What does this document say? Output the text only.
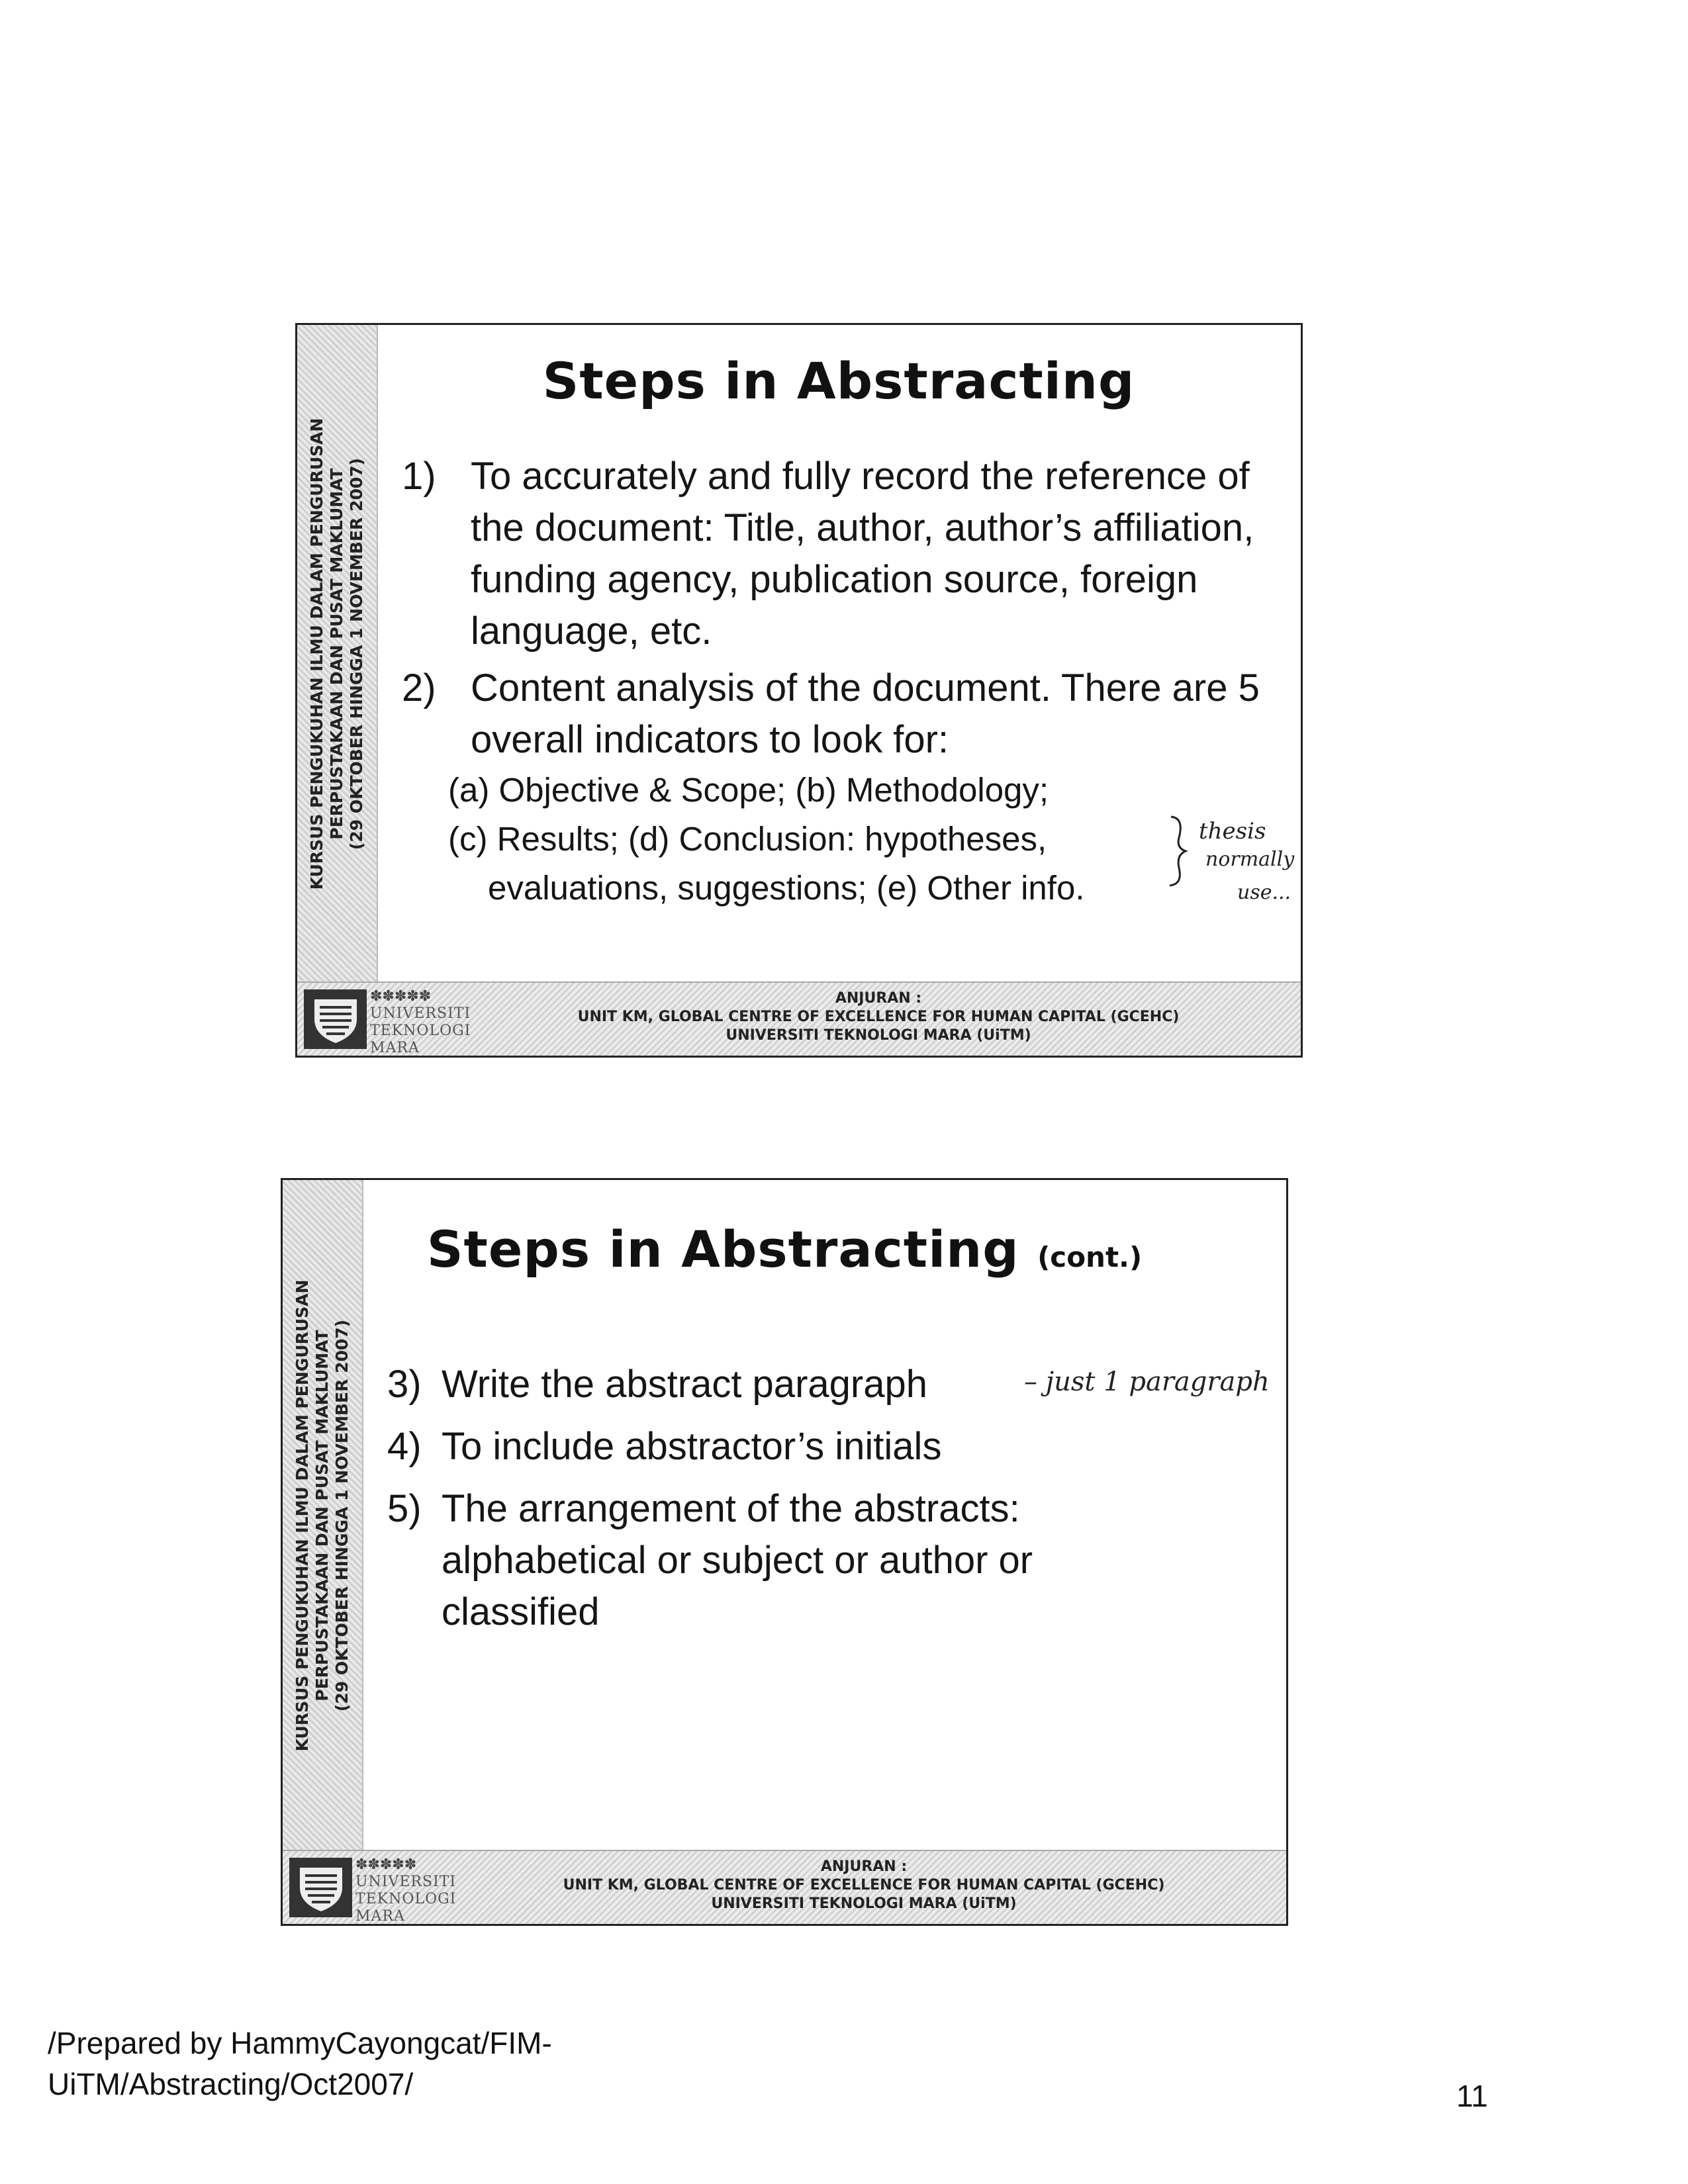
KURSUS PENGUKUHAN ILMU DALAM PENGURUSAN PERPUSTAKAAN DAN PUSAT MAKLUMAT (29 OKTOBER HINGGA 1 NOVEMBER 2007)
Steps in Abstracting
1) To accurately and fully record the reference of the document: Title, author, author’s affiliation, funding agency, publication source, foreign language, etc.
2) Content analysis of the document. There are 5 overall indicators to look for:
(a) Objective & Scope; (b) Methodology;
(c) Results; (d) Conclusion: hypotheses,
evaluations, suggestions; (e) Other info.
thesis
normally
use...
✽✽✽✽✽
UNIVERSITI
TEKNOLOGI
MARA
ANJURAN :
UNIT KM, GLOBAL CENTRE OF EXCELLENCE FOR HUMAN CAPITAL (GCEHC)
UNIVERSITI TEKNOLOGI MARA (UiTM)
KURSUS PENGUKUHAN ILMU DALAM PENGURUSAN PERPUSTAKAAN DAN PUSAT MAKLUMAT (29 OKTOBER HINGGA 1 NOVEMBER 2007)
Steps in Abstracting (cont.)
3) Write the abstract paragraph
4) To include abstractor’s initials
5) The arrangement of the abstracts: alphabetical or subject or author or classified
– just 1 paragraph
✽✽✽✽✽
UNIVERSITI
TEKNOLOGI
MARA
ANJURAN :
UNIT KM, GLOBAL CENTRE OF EXCELLENCE FOR HUMAN CAPITAL (GCEHC)
UNIVERSITI TEKNOLOGI MARA (UiTM)
/Prepared by HammyCayongcat/FIM-
UiTM/Abstracting/Oct2007/	11
